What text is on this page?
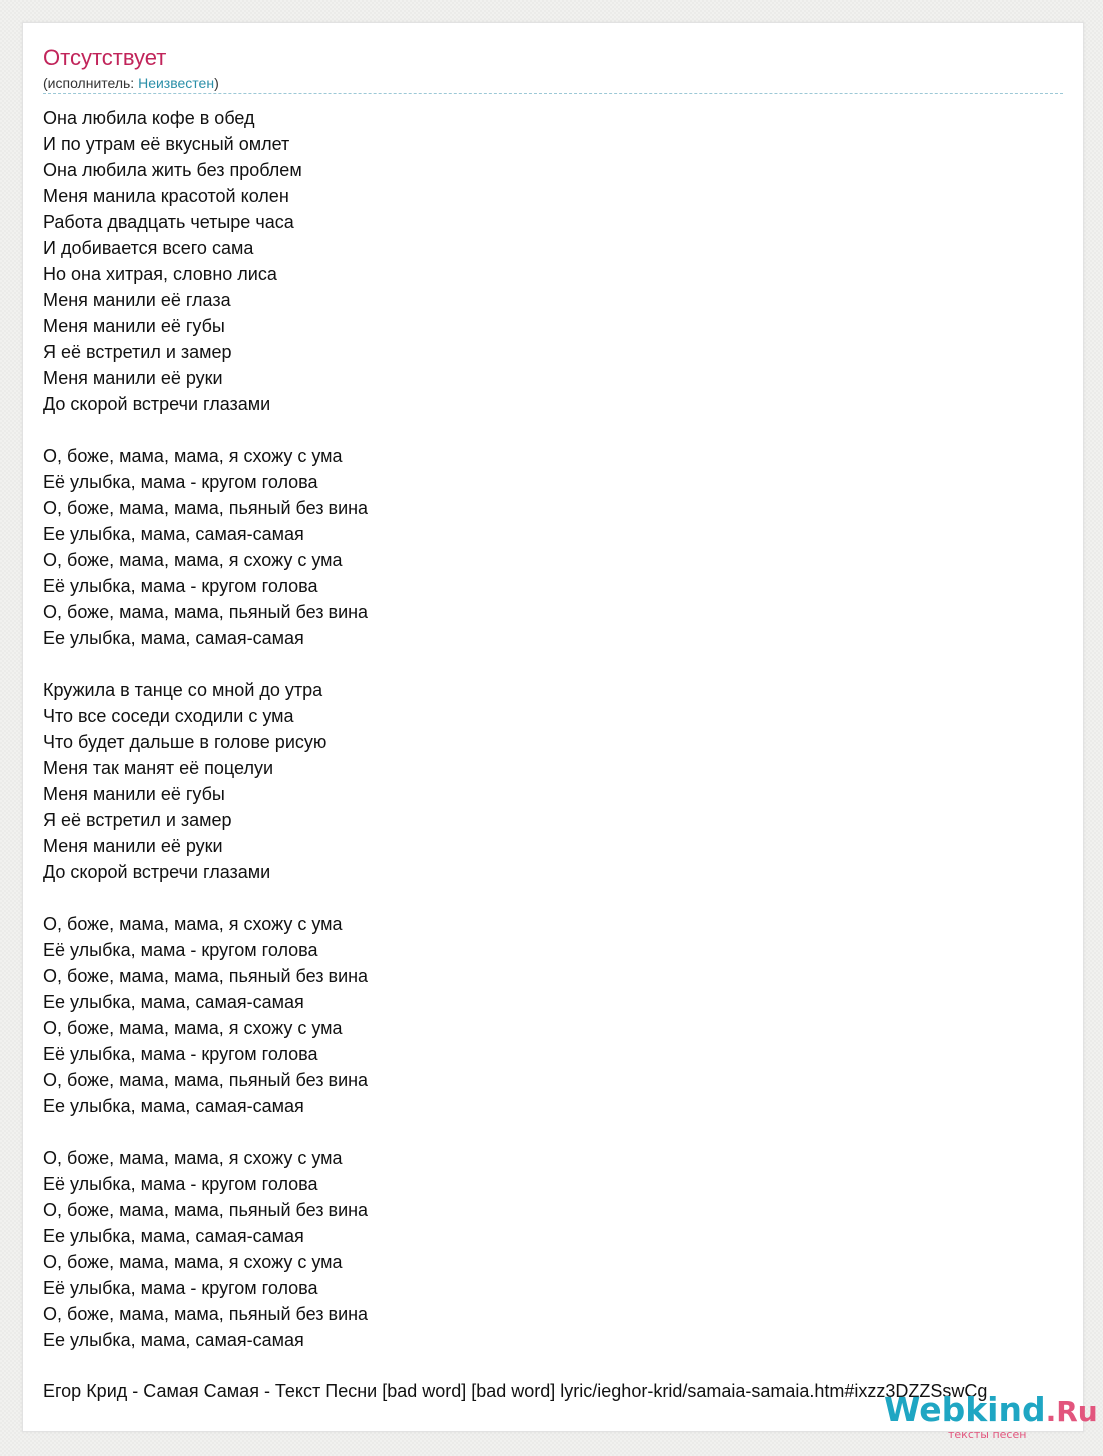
Отсутствует
(исполнитель: Неизвестен)
Она любила кофе в обед
И по утрам её вкусный омлет
Она любила жить без проблем
Меня манила красотой колен
Работа двадцать четыре часа
И добивается всего сама
Но она хитрая, словно лиса
Меня манили её глаза
Меня манили её губы
Я её встретил и замер
Меня манили её руки
До скорой встречи глазами
О, боже, мама, мама, я схожу с ума
Её улыбка, мама - кругом голова
О, боже, мама, мама, пьяный без вина
Ее улыбка, мама, самая-самая
О, боже, мама, мама, я схожу с ума
Её улыбка, мама - кругом голова
О, боже, мама, мама, пьяный без вина
Ее улыбка, мама, самая-самая
Кружила в танце со мной до утра
Что все соседи сходили с ума
Что будет дальше в голове рисую
Меня так манят её поцелуи
Меня манили её губы
Я её встретил и замер
Меня манили её руки
До скорой встречи глазами
О, боже, мама, мама, я схожу с ума
Её улыбка, мама - кругом голова
О, боже, мама, мама, пьяный без вина
Ее улыбка, мама, самая-самая
О, боже, мама, мама, я схожу с ума
Её улыбка, мама - кругом голова
О, боже, мама, мама, пьяный без вина
Ее улыбка, мама, самая-самая
О, боже, мама, мама, я схожу с ума
Её улыбка, мама - кругом голова
О, боже, мама, мама, пьяный без вина
Ее улыбка, мама, самая-самая
О, боже, мама, мама, я схожу с ума
Её улыбка, мама - кругом голова
О, боже, мама, мама, пьяный без вина
Ее улыбка, мама, самая-самая
Егор Крид - Самая Самая - Текст Песни [bad word] [bad word] lyric/ieghor-krid/samaia-samaia.htm#ixzz3DZZSswCg
Webkind.Ru
тексты песен
